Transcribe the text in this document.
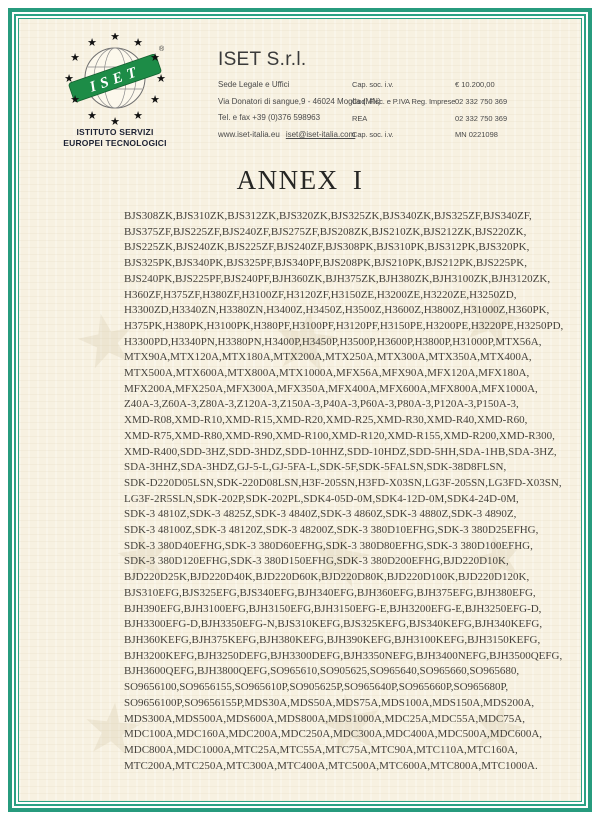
★ ★ ★
★ ★ ★
★ ★ ★
ISET
★ ★
★
★
★
★
★
★
★
★
★
★
®
ISTITUTO SERVIZI
EUROPEI TECNOLOGICI
ISET S.r.l.
Sede Legale e Uffici
Via Donatori di sangue,9 - 46024 Moglia (MN)
Tel. e fax +39 (0)376 598963
www.iset-italia.eu iset@iset-italia.com
Cap. soc. i.v.	€ 10.200,00
Cod. Fisc. e P.IVA Reg. Imprese 02 332 750 369
REA	02 332 750 369
Cap. soc. i.v.	MN 0221098
ANNEX I
BJS308ZK,BJS310ZK,BJS312ZK,BJS320ZK,BJS325ZK,BJS340ZK,BJS325ZF,BJS340ZF,
BJS375ZF,BJS225ZF,BJS240ZF,BJS275ZF,BJS208ZK,BJS210ZK,BJS212ZK,BJS220ZK,
BJS225ZK,BJS240ZK,BJS225ZF,BJS240ZF,BJS308PK,BJS310PK,BJS312PK,BJS320PK,
BJS325PK,BJS340PK,BJS325PF,BJS340PF,BJS208PK,BJS210PK,BJS212PK,BJS225PK,
BJS240PK,BJS225PF,BJS240PF,BJH360ZK,BJH375ZK,BJH380ZK,BJH3100ZK,BJH3120ZK,
H360ZF,H375ZF,H380ZF,H3100ZF,H3120ZF,H3150ZE,H3200ZE,H3220ZE,H3250ZD,
H3300ZD,H3340ZN,H3380ZN,H3400Z,H3450Z,H3500Z,H3600Z,H3800Z,H31000Z,H360PK,
H375PK,H380PK,H3100PK,H380PF,H3100PF,H3120PF,H3150PE,H3200PE,H3220PE,H3250PD,
H3300PD,H3340PN,H3380PN,H3400P,H3450P,H3500P,H3600P,H3800P,H31000P,MTX56A,
MTX90A,MTX120A,MTX180A,MTX200A,MTX250A,MTX300A,MTX350A,MTX400A,
MTX500A,MTX600A,MTX800A,MTX1000A,MFX56A,MFX90A,MFX120A,MFX180A,
MFX200A,MFX250A,MFX300A,MFX350A,MFX400A,MFX600A,MFX800A,MFX1000A,
Z40A-3,Z60A-3,Z80A-3,Z120A-3,Z150A-3,P40A-3,P60A-3,P80A-3,P120A-3,P150A-3,
XMD-R08,XMD-R10,XMD-R15,XMD-R20,XMD-R25,XMD-R30,XMD-R40,XMD-R60,
XMD-R75,XMD-R80,XMD-R90,XMD-R100,XMD-R120,XMD-R155,XMD-R200,XMD-R300,
XMD-R400,SDD-3HZ,SDD-3HDZ,SDD-10HHZ,SDD-10HDZ,SDD-5HH,SDA-1HB,SDA-3HZ,
SDA-3HHZ,SDA-3HDZ,GJ-5-L,GJ-5FA-L,SDK-5F,SDK-5FALSN,SDK-38D8FLSN,
SDK-D220D05LSN,SDK-220D08LSN,H3F-205SN,H3FD-X03SN,LG3F-205SN,LG3FD-X03SN,
LG3F-2R5SLN,SDK-202P,SDK-202PL,SDK4-05D-0M,SDK4-12D-0M,SDK4-24D-0M,
SDK-3 4810Z,SDK-3 4825Z,SDK-3 4840Z,SDK-3 4860Z,SDK-3 4880Z,SDK-3 4890Z,
SDK-3 48100Z,SDK-3 48120Z,SDK-3 48200Z,SDK-3 380D10EFHG,SDK-3 380D25EFHG,
SDK-3 380D40EFHG,SDK-3 380D60EFHG,SDK-3 380D80EFHG,SDK-3 380D100EFHG,
SDK-3 380D120EFHG,SDK-3 380D150EFHG,SDK-3 380D200EFHG,BJD220D10K,
BJD220D25K,BJD220D40K,BJD220D60K,BJD220D80K,BJD220D100K,BJD220D120K,
BJS310EFG,BJS325EFG,BJS340EFG,BJH340EFG,BJH360EFG,BJH375EFG,BJH380EFG,
BJH390EFG,BJH3100EFG,BJH3150EFG,BJH3150EFG-E,BJH3200EFG-E,BJH3250EFG-D,
BJH3300EFG-D,BJH3350EFG-N,BJS310KEFG,BJS325KEFG,BJS340KEFG,BJH340KEFG,
BJH360KEFG,BJH375KEFG,BJH380KEFG,BJH390KEFG,BJH3100KEFG,BJH3150KEFG,
BJH3200KEFG,BJH3250DEFG,BJH3300DEFG,BJH3350NEFG,BJH3400NEFG,BJH3500QEFG,
BJH3600QEFG,BJH3800QEFG,SO965610,SO905625,SO965640,SO965660,SO965680,
SO9656100,SO9656155,SO965610P,SO905625P,SO965640P,SO965660P,SO965680P,
SO9656100P,SO9656155P,MDS30A,MDS50A,MDS75A,MDS100A,MDS150A,MDS200A,
MDS300A,MDS500A,MDS600A,MDS800A,MDS1000A,MDC25A,MDC55A,MDC75A,
MDC100A,MDC160A,MDC200A,MDC250A,MDC300A,MDC400A,MDC500A,MDC600A,
MDC800A,MDC1000A,MTC25A,MTC55A,MTC75A,MTC90A,MTC110A,MTC160A,
MTC200A,MTC250A,MTC300A,MTC400A,MTC500A,MTC600A,MTC800A,MTC1000A.
